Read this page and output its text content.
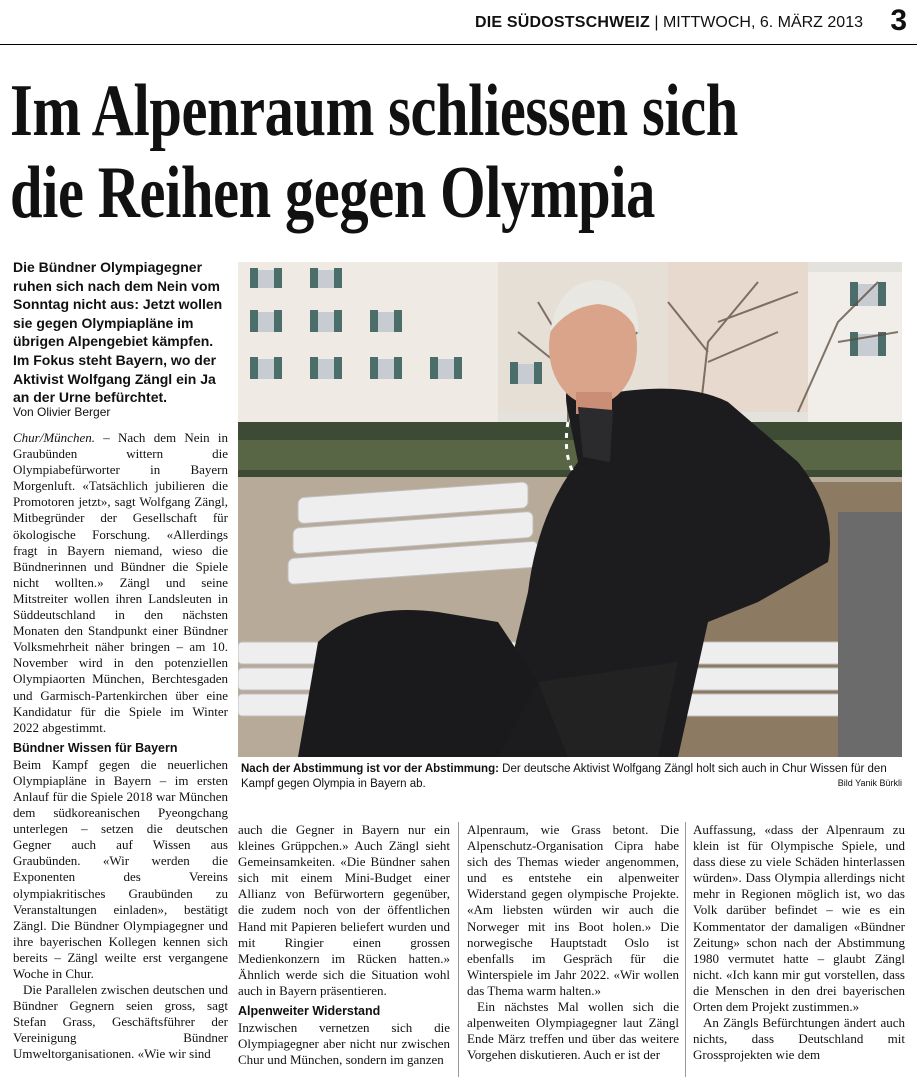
DIE SÜDOSTSCHWEIZ | MITTWOCH, 6. MÄRZ 2013 3
Im Alpenraum schliessen sich
die Reihen gegen Olympia
Die Bündner Olympiagegner ruhen sich nach dem Nein vom Sonntag nicht aus: Jetzt wollen sie gegen Olympiapläne im übrigen Alpengebiet kämpfen. Im Fokus steht Bayern, wo der Aktivist Wolfgang Zängl ein Ja an der Urne befürchtet.
Von Olivier Berger

Chur/München. – Nach dem Nein in Graubünden wittern die Olympiabefürworter in Bayern Morgenluft. «Tatsächlich jubilieren die Promotoren jetzt», sagt Wolfgang Zängl, Mitbegründer der Gesellschaft für ökologische Forschung. «Allerdings fragt in Bayern niemand, wieso die Bündnerinnen und Bündner die Spiele nicht wollten.» Zängl und seine Mitstreiter wollen ihren Landsleuten in Süddeutschland in den nächsten Monaten den Standpunkt einer Bündner Volksmehrheit näher bringen – am 10. November wird in den potenziellen Olympiaorten München, Berchtesgaden und Garmisch-Partenkirchen über eine Kandidatur für die Spiele im Winter 2022 abgestimmt.

Bündner Wissen für Bayern

Beim Kampf gegen die neuerlichen Olympiapläne in Bayern – im ersten Anlauf für die Spiele 2018 war München dem südkoreanischen Pyeongchang unterlegen – setzen die deutschen Gegner auch auf Wissen aus Graubünden. «Wir werden die Exponenten des Vereins olympiakritisches Graubünden zu Veranstaltungen einladen», bestätigt Zängl. Die Bündner Olympiagegner und ihre bayerischen Kollegen kennen sich bereits – Zängl weilte erst vergangene Woche in Chur.

Die Parallelen zwischen deutschen und Bündner Gegnern seien gross, sagt Stefan Grass, Geschäftsführer der Vereinigung Bündner Umweltorganisationen. «Wie wir sind

Nach der Abstimmung ist vor der Abstimmung: Der deutsche Aktivist Wolfgang Zängl holt sich auch in Chur Wissen für den Kampf gegen Olympia in Bayern ab.	Bild Yanik Bürkli

auch die Gegner in Bayern nur ein kleines Grüppchen.» Auch Zängl sieht Gemeinsamkeiten. «Die Bündner sahen sich mit einem Mini-Budget einer Allianz von Befürwortern gegenüber, die zudem noch von der öffentlichen Hand mit Papieren beliefert wurden und mit Ringier einen grossen Medienkonzern im Rücken hatten.» Ähnlich werde sich die Situation wohl auch in Bayern präsentieren.

Alpenweiter Widerstand

Inzwischen vernetzen sich die Olympiagegner aber nicht nur zwischen Chur und München, sondern im ganzen

Alpenraum, wie Grass betont. Die Alpenschutz-Organisation Cipra habe sich des Themas wieder angenommen, und es entstehe ein alpenweiter Widerstand gegen olympische Projekte. «Am liebsten würden wir auch die Norweger mit ins Boot holen.» Die norwegische Hauptstadt Oslo ist ebenfalls im Gespräch für die Winterspiele im Jahr 2022. «Wir wollen das Thema warm halten.»

Ein nächstes Mal wollen sich die alpenweiten Olympiagegner laut Zängl Ende März treffen und über das weitere Vorgehen diskutieren. Auch er ist der

Auffassung, «dass der Alpenraum zu klein ist für Olympische Spiele, und dass diese zu viele Schäden hinterlassen würden». Dass Olympia allerdings nicht mehr in Regionen möglich ist, wo das Volk darüber befindet – wie es ein Kommentator der damaligen «Bündner Zeitung» schon nach der Abstimmung 1980 vermutet hatte – glaubt Zängl nicht. «Ich kann mir gut vorstellen, dass die Menschen in den drei bayerischen Orten dem Projekt zustimmen.»

An Zängls Befürchtungen ändert auch nichts, dass Deutschland mit Grossprojekten wie dem
